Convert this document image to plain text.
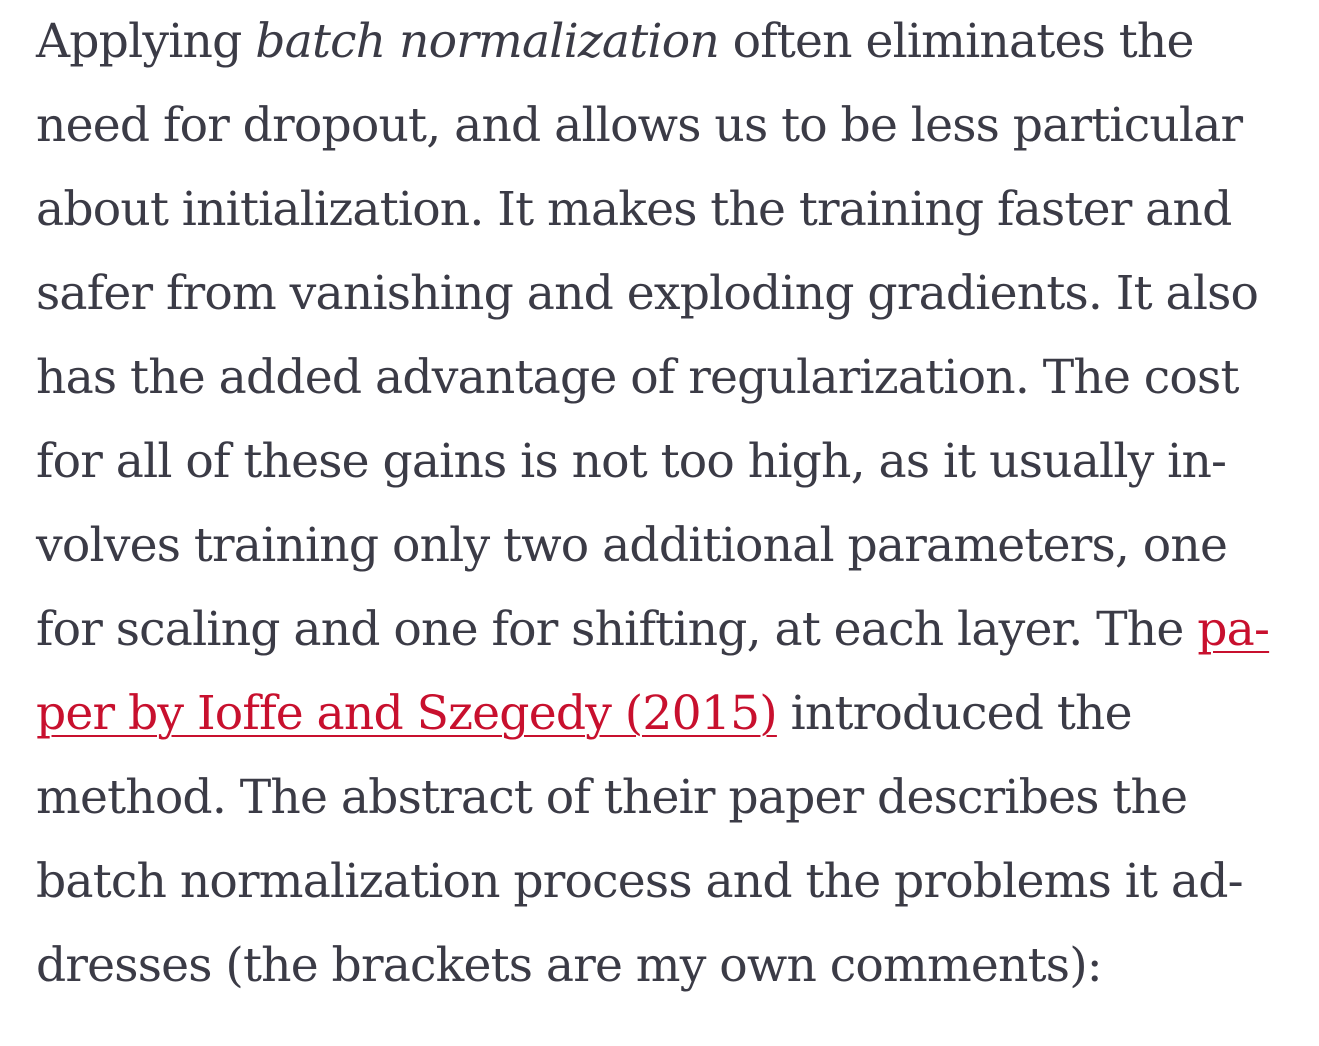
Applying batch normalization often eliminates the
need for dropout, and allows us to be less particular
about initialization. It makes the training faster and
safer from vanishing and exploding gradients. It also
has the added advantage of regularization. The cost
for all of these gains is not too high, as it usually in-
volves training only two additional parameters, one
for scaling and one for shifting, at each layer. The pa-
per by Ioffe and Szegedy (2015) introduced the
method. The abstract of their paper describes the
batch normalization process and the problems it ad-
dresses (the brackets are my own comments):
